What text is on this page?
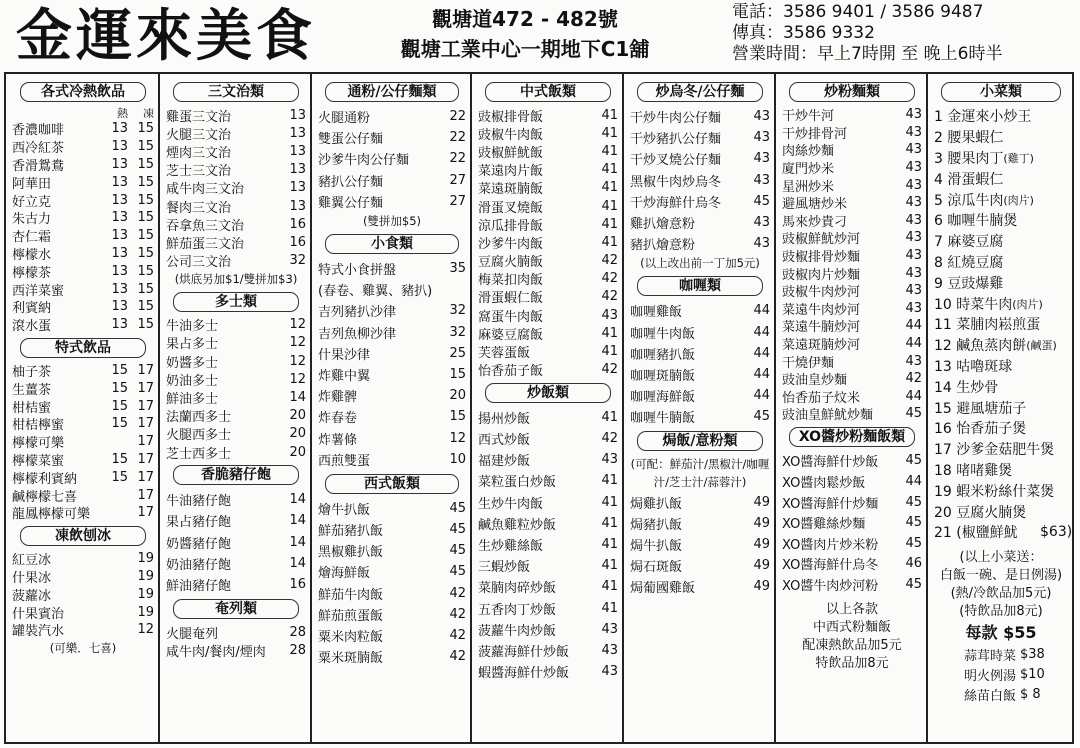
金運來美食	觀塘道472 - 482號
觀塘工業中心一期地下C1舖
電話：3586 9401 / 3586 9487
傳真：3586 9332
營業時間：早上7時開 至 晚上6時半
各式冷熱飲品
熱	凍
香濃咖啡	13 15
西冷紅茶	13 15
香滑鴛鴦	13 15
阿華田	13 15
好立克	13 15
朱古力	13 15
杏仁霜	13 15
檸檬水	13 15
檸檬茶	13 15
西洋菜蜜	13 15
利賓納	13 15
滾水蛋	13 15
特式飲品
柚子茶	15 17
生薑茶	15 17
柑桔蜜	15 17
柑桔檸蜜	15 17
檸檬可樂	17
檸檬菜蜜	15 17
檸檬利賓納	15 17
鹹檸檬七喜	17
龍鳳檸檬可樂	17
凍飲刨冰
紅豆冰	19
什果冰	19
菠蘿冰	19
什果賓治	19
罐裝汽水	12
(可樂．七喜)
三文治類
雞蛋三文治	13
火腿三文治	13
煙肉三文治	13
芝士三文治	13
咸牛肉三文治	13
餐肉三文治	13
吞拿魚三文治	16
鮮茄蛋三文治	16
公司三文治	32
(烘底另加$1/雙拼加$3)
多士類
牛油多士	12
果占多士	12
奶醬多士	12
奶油多士	12
鮮油多士	14
法蘭西多士	20
火腿西多士	20
芝士西多士	20
香脆豬仔飽
牛油豬仔飽	14
果占豬仔飽	14
奶醬豬仔飽	14
奶油豬仔飽	14
鮮油豬仔飽	16
奄列類
火腿奄列	28
咸牛肉/餐肉/煙肉	28
通粉/公仔麵類
火腿通粉	22
雙蛋公仔麵	22
沙爹牛肉公仔麵	22
豬扒公仔麵	27
雞翼公仔麵	27
(雙拼加$5)
小食類
特式小食拼盤	35
(春卷、雞翼、豬扒)
吉列豬扒沙律	32
吉列魚柳沙律	32
什果沙律	25
炸雞中翼	15
炸雞髀	20
炸春卷	15
炸薯條	12
西煎雙蛋	10
西式飯類
燴牛扒飯	45
鮮茄豬扒飯	45
黑椒雞扒飯	45
燴海鮮飯	45
鮮茄牛肉飯	42
鮮茄煎蛋飯	42
粟米肉粒飯	42
粟米斑腩飯	42
中式飯類
豉椒排骨飯	41
豉椒牛肉飯	41
豉椒鮮魷飯	41
菜遠肉片飯	41
菜遠斑腩飯	41
滑蛋叉燒飯	41
涼瓜排骨飯	41
沙爹牛肉飯	41
豆腐火腩飯	42
梅菜扣肉飯	42
滑蛋蝦仁飯	42
窩蛋牛肉飯	43
麻婆豆腐飯	41
芙蓉蛋飯	41
怡香茄子飯	42
炒飯類
揚州炒飯	41
西式炒飯	42
福建炒飯	43
菜粒蛋白炒飯	41
生炒牛肉飯	41
鹹魚雞粒炒飯	41
生炒雞絲飯	41
三蝦炒飯	41
菜腩肉碎炒飯	41
五香肉丁炒飯	41
菠蘿牛肉炒飯	43
菠蘿海鮮什炒飯	43
蝦醬海鮮什炒飯	43
炒烏冬/公仔麵
干炒牛肉公仔麵	43
干炒豬扒公仔麵	43
干炒叉燒公仔麵	43
黑椒牛肉炒烏冬	43
干炒海鮮什烏冬	45
雞扒燴意粉	43
豬扒燴意粉	43
(以上改出前一丁加5元)
咖喱類
咖喱雞飯	44
咖喱牛肉飯	44
咖喱豬扒飯	44
咖喱斑腩飯	44
咖喱海鮮飯	44
咖喱牛腩飯	45
焗飯/意粉類
(可配：鮮茄汁/黑椒汁/咖喱汁/芝士汁/蒜蓉汁)
焗雞扒飯	49
焗豬扒飯	49
焗牛扒飯	49
焗石斑飯	49
焗葡國雞飯	49
炒粉麵類
干炒牛河	43
干炒排骨河	43
肉絲炒麵	43
廈門炒米	43
星洲炒米	43
避風塘炒米	43
馬來炒貴刁	43
豉椒鮮魷炒河	43
豉椒排骨炒麵	43
豉椒肉片炒麵	43
豉椒牛肉炒河	43
菜遠牛肉炒河	43
菜遠牛腩炒河	44
菜遠斑腩炒河	44
干燒伊麵	43
豉油皇炒麵	42
怡香茄子炆米	44
豉油皇鮮魷炒麵	45
XO醬炒粉麵飯類
XO醬海鮮什炒飯	45
XO醬肉鬆炒飯	44
XO醬海鮮什炒麵	45
XO醬雞絲炒麵	45
XO醬肉片炒米粉	45
XO醬海鮮什烏冬	46
XO醬牛肉炒河粉	45
以上各款
中西式粉麵飯
配凍熱飲品加5元
特飲品加8元
小菜類
1 金運來小炒王
2 腰果蝦仁
3 腰果肉丁 (雞丁)
4 滑蛋蝦仁
5 涼瓜牛肉 (肉片)
6 咖喱牛腩煲
7 麻婆豆腐
8 紅燒豆腐
9 豆豉爆雞
10 時菜牛肉 (肉片)
11 菜脯肉崧煎蛋
12 鹹魚蒸肉餅 (鹹蛋)
13 咕嚕斑球
14 生炒骨
15 避風塘茄子
16 怡香茄子煲
17 沙爹金菇肥牛煲
18 啫啫雞煲
19 蝦米粉絲什菜煲
20 豆腐火腩煲
21 (椒鹽鮮魷	$63)
(以上小菜送：
白飯一碗、是日例湯)
(熱/冷飲品加5元)
(特飲品加8元)
每款 $55
蒜茸時菜 $38
明火例湯 $10
絲苗白飯 $ 8
